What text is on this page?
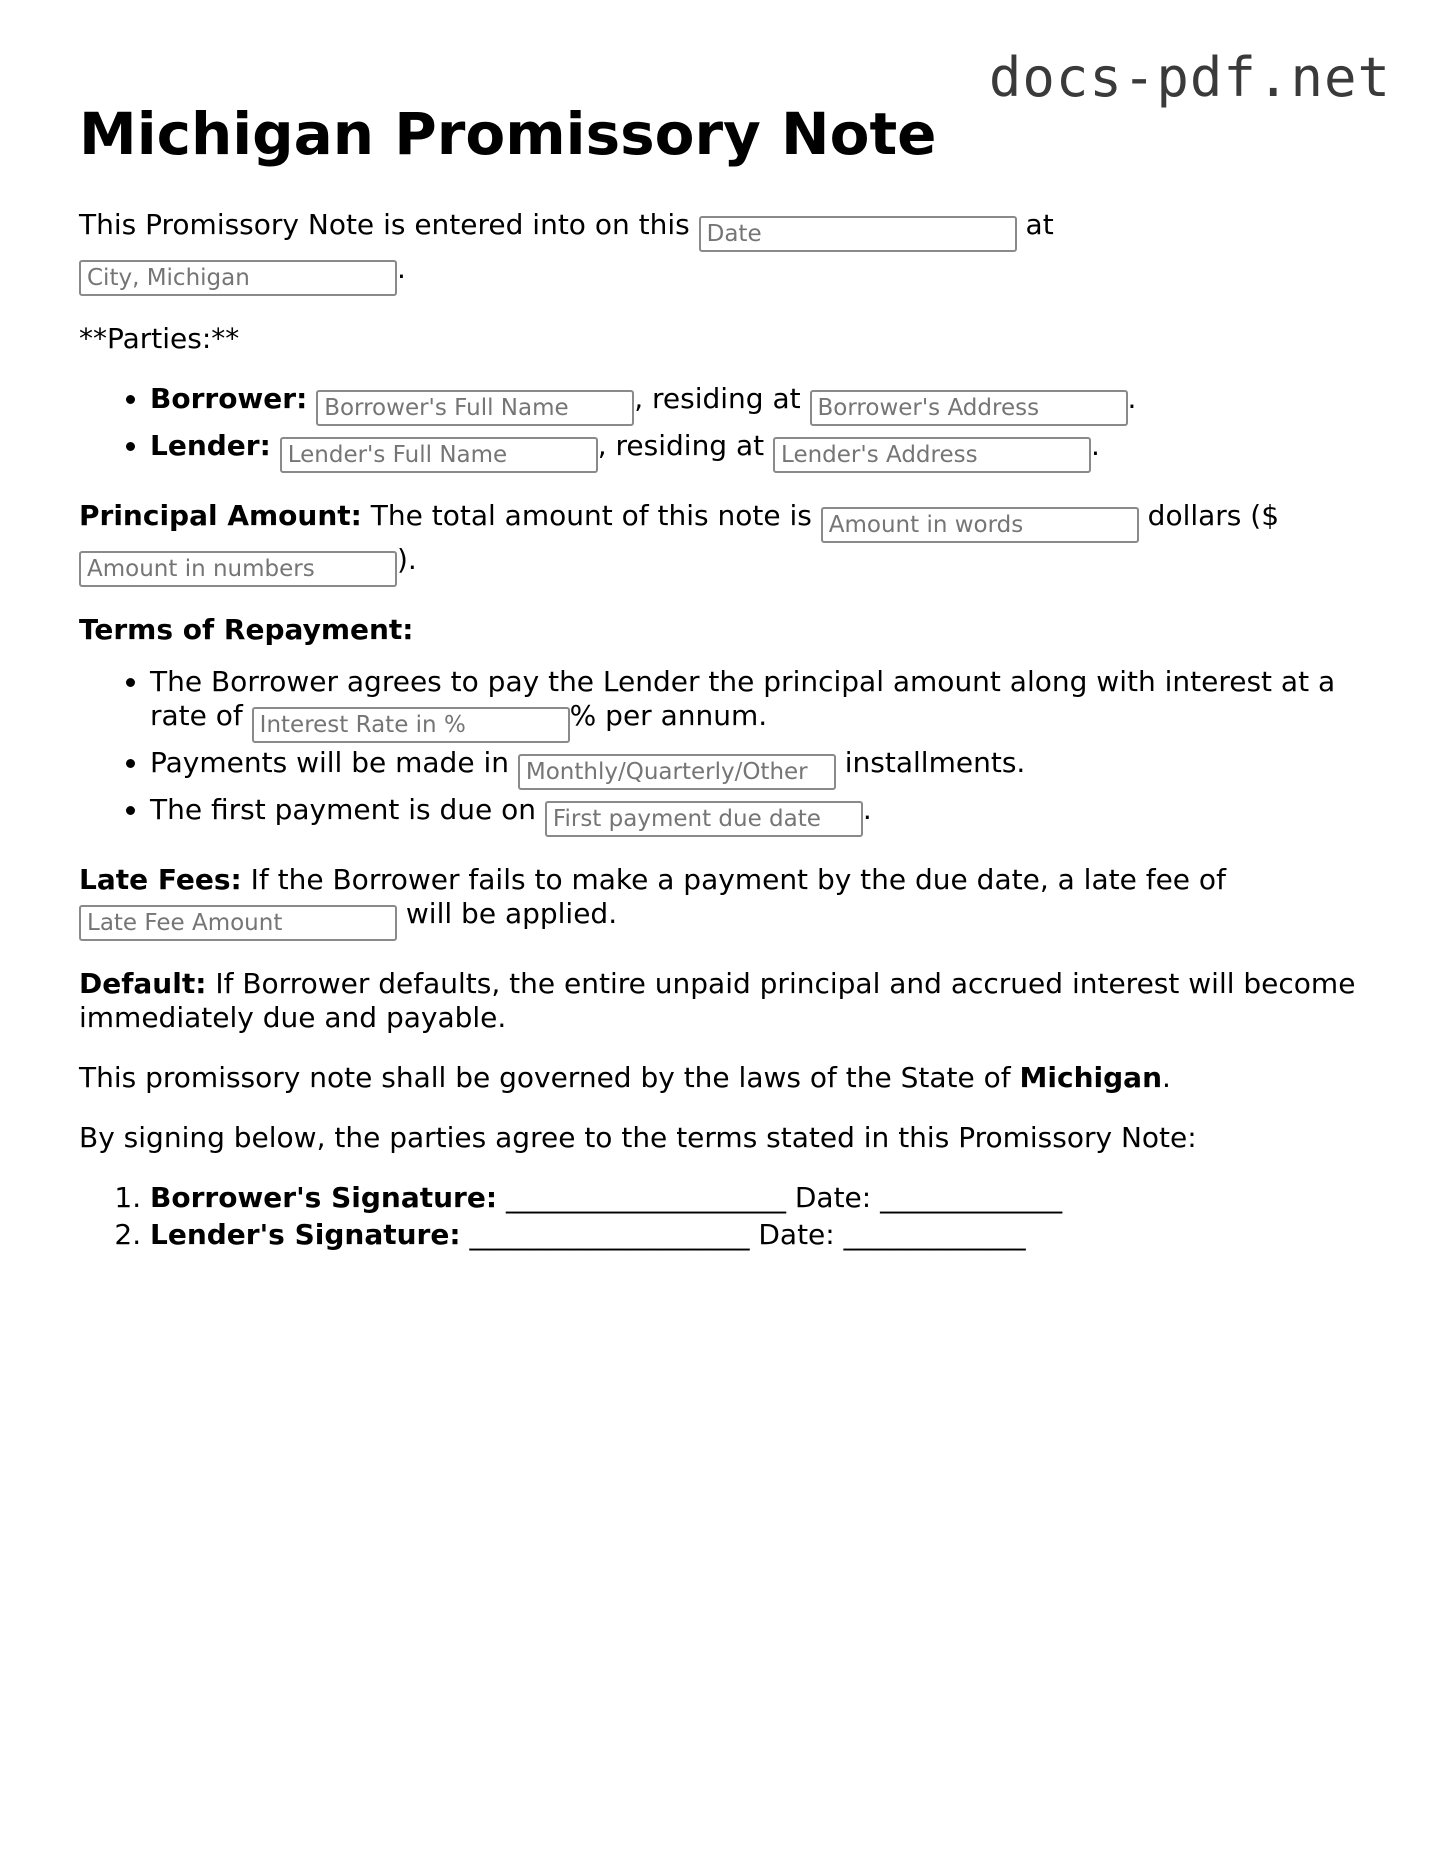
docs-pdf.net
Michigan Promissory Note

This Promissory Note is entered into on this Date	at
City, Michigan.

**Parties:**

• Borrower: Borrower's Full Name	, residing at Borrower's Address	.
• Lender: Lender's Full Name	, residing at Lender's Address	.

Principal Amount: The total amount of this note is Amount in words	dollars ($
Amount in numbers).

Terms of Repayment:

• The Borrower agrees to pay the Lender the principal amount along with interest at a rate of Interest Rate in %	% per annum.
• Payments will be made in Monthly/Quarterly/Other	installments.
• The first payment is due on First payment due date	.

Late Fees: If the Borrower fails to make a payment by the due date, a late fee of
Late Fee Amount will be applied.

Default: If Borrower defaults, the entire unpaid principal and accrued interest will become immediately due and payable.

This promissory note shall be governed by the laws of the State of Michigan.

By signing below, the parties agree to the terms stated in this Promissory Note:

1. Borrower's Signature: ____________________ Date: _____________
2. Lender's Signature: ____________________ Date: _____________
